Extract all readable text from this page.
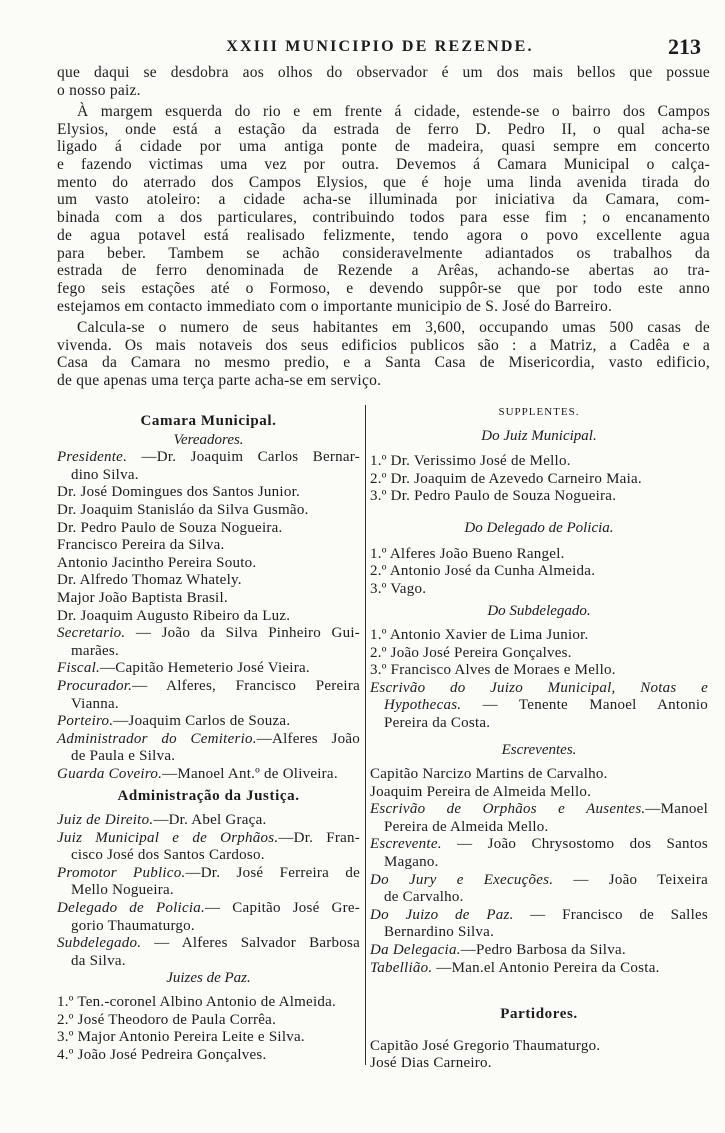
XXIII MUNICIPIO DE REZENDE.	213
que daqui se desdobra aos olhos do observador é um dos mais bellos que possue
o nosso paiz.
À margem esquerda do rio e em frente á cidade, estende-se o bairro dos Campos
Elysios, onde está a estação da estrada de ferro D. Pedro II, o qual acha-se
ligado á cidade por uma antiga ponte de madeira, quasi sempre em concerto
e fazendo victimas uma vez por outra. Devemos á Camara Municipal o calça-
mento do aterrado dos Campos Elysios, que é hoje uma linda avenida tirada do
um vasto atoleiro: a cidade acha-se illuminada por iniciativa da Camara, com-
binada com a dos particulares, contribuindo todos para esse fim ; o encanamento
de agua potavel está realisado felizmente, tendo agora o povo excellente agua
para beber. Tambem se achão consideravelmente adiantados os trabalhos da
estrada de ferro denominada de Rezende a Arêas, achando-se abertas ao tra-
fego seis estações até o Formoso, e devendo suppôr-se que por todo este anno
estejamos em contacto immediato com o importante municipio de S. José do Barreiro.
Calcula-se o numero de seus habitantes em 3,600, occupando umas 500 casas de
vivenda. Os mais notaveis dos seus edificios publicos são : a Matriz, a Cadêa e a
Casa da Camara no mesmo predio, e a Santa Casa de Misericordia, vasto edificio,
de que apenas uma terça parte acha-se em serviço.
Camara Municipal.
Vereadores.
Presidente. —Dr. Joaquim Carlos Bernar-
dino Silva.
Dr. José Domingues dos Santos Junior.
Dr. Joaquim Stanisláo da Silva Gusmão.
Dr. Pedro Paulo de Souza Nogueira.
Francisco Pereira da Silva.
Antonio Jacintho Pereira Souto.
Dr. Alfredo Thomaz Whately.
Major João Baptista Brasil.
Dr. Joaquim Augusto Ribeiro da Luz.
Secretario. — João da Silva Pinheiro Gui-
marães.
Fiscal.—Capitão Hemeterio José Vieira.
Procurador.— Alferes, Francisco Pereira
Vianna.
Porteiro.—Joaquim Carlos de Souza.
Administrador do Cemiterio.—Alferes João
de Paula e Silva.
Guarda Coveiro.—Manoel Ant.º de Oliveira.
Administração da Justiça.
Juiz de Direito.—Dr. Abel Graça.
Juiz Municipal e de Orphãos.—Dr. Fran-
cisco José dos Santos Cardoso.
Promotor Publico.—Dr. José Ferreira de
Mello Nogueira.
Delegado de Policia.— Capitão José Gre-
gorio Thaumaturgo.
Subdelegado. — Alferes Salvador Barbosa
da Silva.
Juizes de Paz.
1.º Ten.-coronel Albino Antonio de Almeida.
2.º José Theodoro de Paula Corrêa.
3.º Major Antonio Pereira Leite e Silva.
4.º João José Pedreira Gonçalves.
SUPPLENTES.
Do Juiz Municipal.
1.º Dr. Verissimo José de Mello.
2.º Dr. Joaquim de Azevedo Carneiro Maia.
3.º Dr. Pedro Paulo de Souza Nogueira.
Do Delegado de Policia.
1.º Alferes João Bueno Rangel.
2.º Antonio José da Cunha Almeida.
3.º Vago.
Do Subdelegado.
1.º Antonio Xavier de Lima Junior.
2.º João José Pereira Gonçalves.
3.º Francisco Alves de Moraes e Mello.
Escrivão do Juizo Municipal, Notas e
Hypothecas. — Tenente Manoel Antonio
Pereira da Costa.
Escreventes.
Capitão Narcizo Martins de Carvalho.
Joaquim Pereira de Almeida Mello.
Escrivão de Orphãos e Ausentes.—Manoel
Pereira de Almeida Mello.
Escrevente. — João Chrysostomo dos Santos
Magano.
Do Jury e Execuções. — João Teixeira
de Carvalho.
Do Juizo de Paz. — Francisco de Salles
Bernardino Silva.
Da Delegacia.—Pedro Barbosa da Silva.
Tabellião. —Man.el Antonio Pereira da Costa.
Partidores.
Capitão José Gregorio Thaumaturgo.
José Dias Carneiro.
